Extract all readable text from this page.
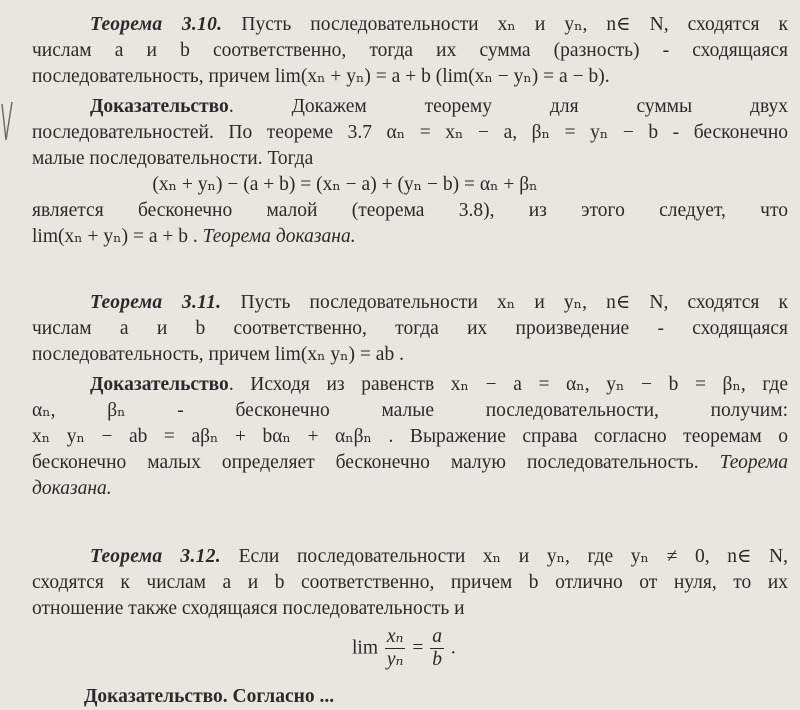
Теорема 3.10. Пусть последовательности xₙ и yₙ, n∈ N, сходятся к
числам a и b соответственно, тогда их сумма (разность) - сходящаяся
последовательность, причем lim(xₙ + yₙ) = a + b (lim(xₙ − yₙ) = a − b).
Доказательство. Докажем теорему для суммы двух
последовательностей. По теореме 3.7 αₙ = xₙ − a, βₙ = yₙ − b - бесконечно
малые последовательности. Тогда
(xₙ + yₙ) − (a + b) = (xₙ − a) + (yₙ − b) = αₙ + βₙ
является бесконечно малой (теорема 3.8), из этого следует, что
lim(xₙ + yₙ) = a + b . Теорема доказана.
Теорема 3.11. Пусть последовательности xₙ и yₙ, n∈ N, сходятся к
числам a и b соответственно, тогда их произведение - сходящаяся
последовательность, причем lim(xₙ yₙ) = ab .
Доказательство. Исходя из равенств xₙ − a = αₙ, yₙ − b = βₙ, где
αₙ, βₙ - бесконечно малые последовательности, получим:
xₙ yₙ − ab = aβₙ + bαₙ + αₙβₙ . Выражение справа согласно теоремам о
бесконечно малых определяет бесконечно малую последовательность. Теорема
доказана.
Теорема 3.12. Если последовательности xₙ и yₙ, где yₙ ≠ 0, n∈ N,
сходятся к числам a и b соответственно, причем b отлично от нуля, то их
отношение также сходящаяся последовательность и
$\lim \frac{\text{xₙ}}{\text{yₙ}} = \frac{a}{b}$ .
Доказательство. Согласно ...
